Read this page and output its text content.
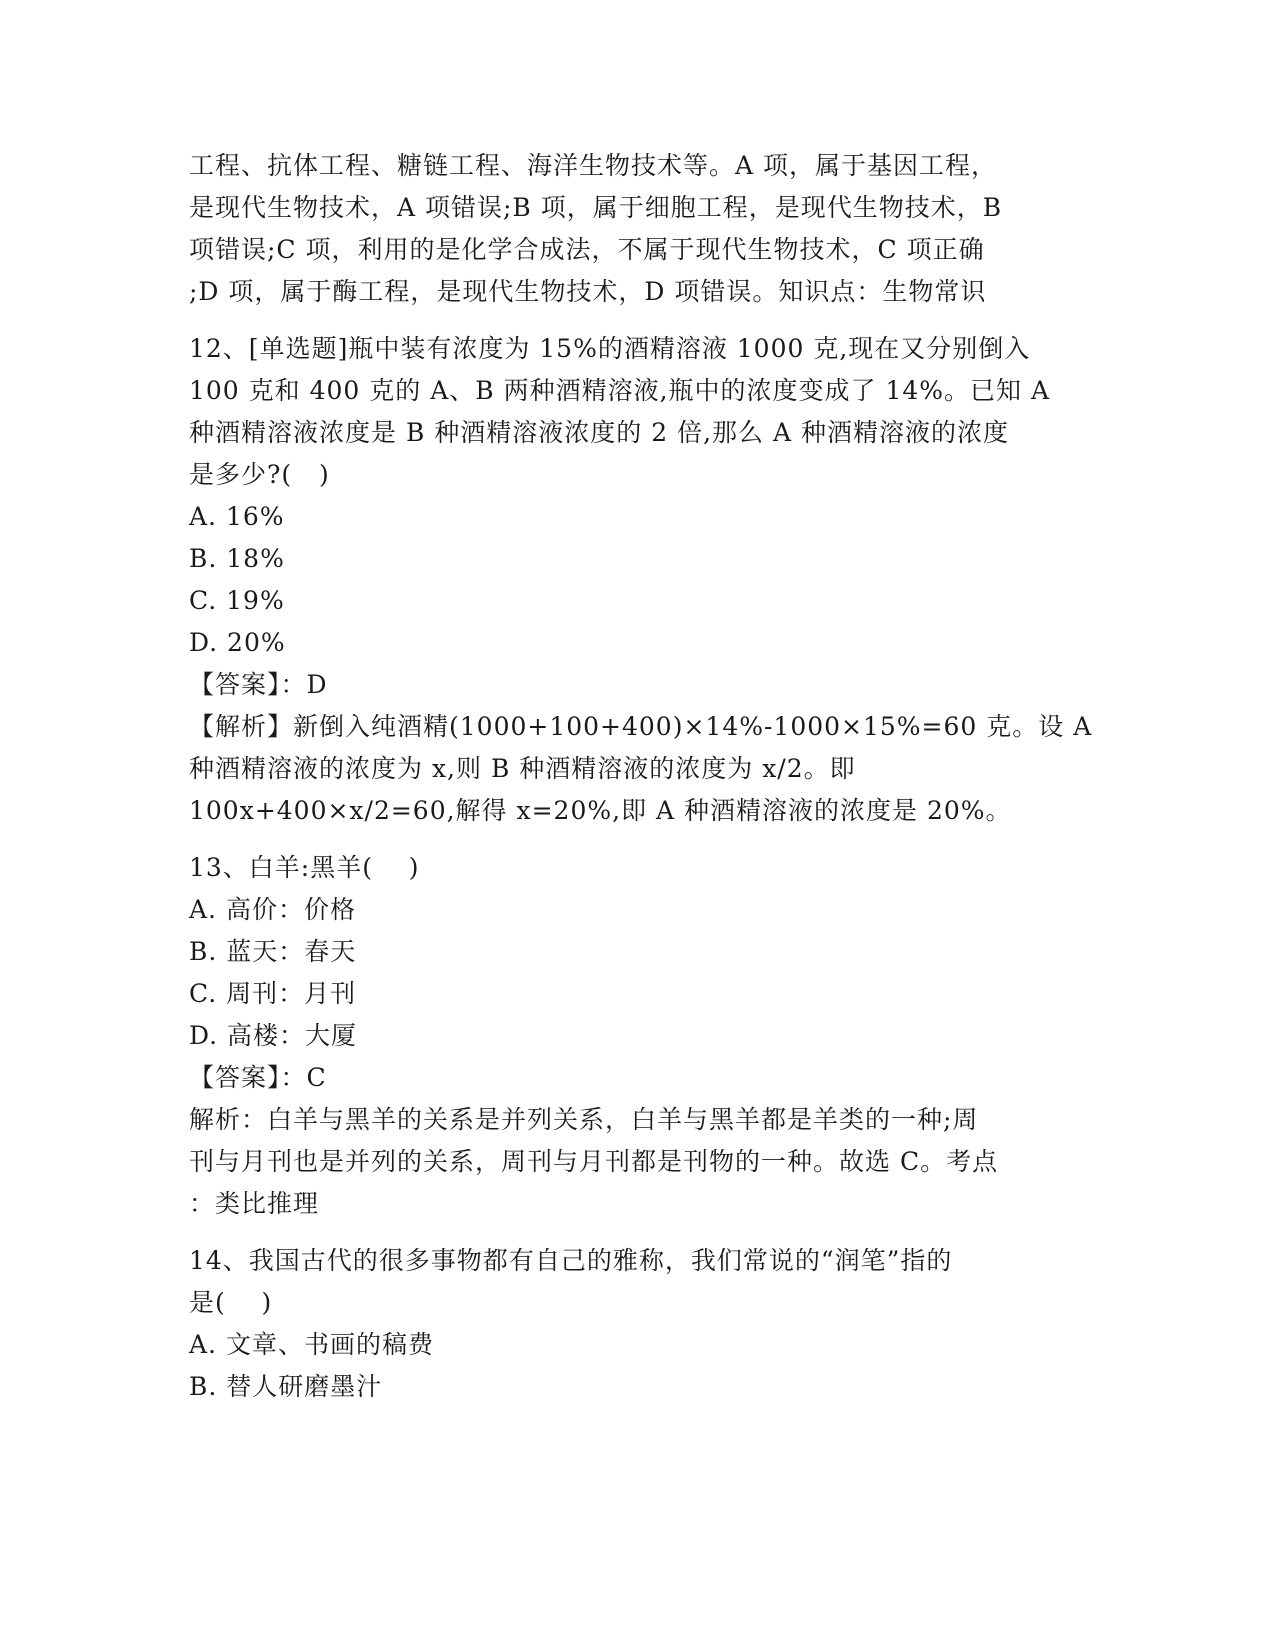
工程、抗体工程、糖链工程、海洋生物技术等。A 项，属于基因工程，
是现代生物技术，A 项错误;B 项，属于细胞工程，是现代生物技术，B
项错误;C 项，利用的是化学合成法，不属于现代生物技术，C 项正确
;D 项，属于酶工程，是现代生物技术，D 项错误。知识点：生物常识
12、[单选题]瓶中装有浓度为 15%的酒精溶液 1000 克,现在又分别倒入
100 克和 400 克的 A、B 两种酒精溶液,瓶中的浓度变成了 14%。已知 A
种酒精溶液浓度是 B 种酒精溶液浓度的 2 倍,那么 A 种酒精溶液的浓度
是多少?(   )
A. 16%
B. 18%
C. 19%
D. 20%
【答案】：D
【解析】新倒入纯酒精(1000+100+400)×14%-1000×15%=60 克。设 A
种酒精溶液的浓度为 x,则 B 种酒精溶液的浓度为 x/2。即
100x+400×x/2=60,解得 x=20%,即 A 种酒精溶液的浓度是 20%。
13、白羊:黑羊(    )
A. 高价：价格
B. 蓝天：春天
C. 周刊：月刊
D. 高楼：大厦
【答案】：C
解析：白羊与黑羊的关系是并列关系，白羊与黑羊都是羊类的一种;周
刊与月刊也是并列的关系，周刊与月刊都是刊物的一种。故选 C。考点
：类比推理
14、我国古代的很多事物都有自己的雅称，我们常说的“润笔”指的
是(    )
A. 文章、书画的稿费
B. 替人研磨墨汁
